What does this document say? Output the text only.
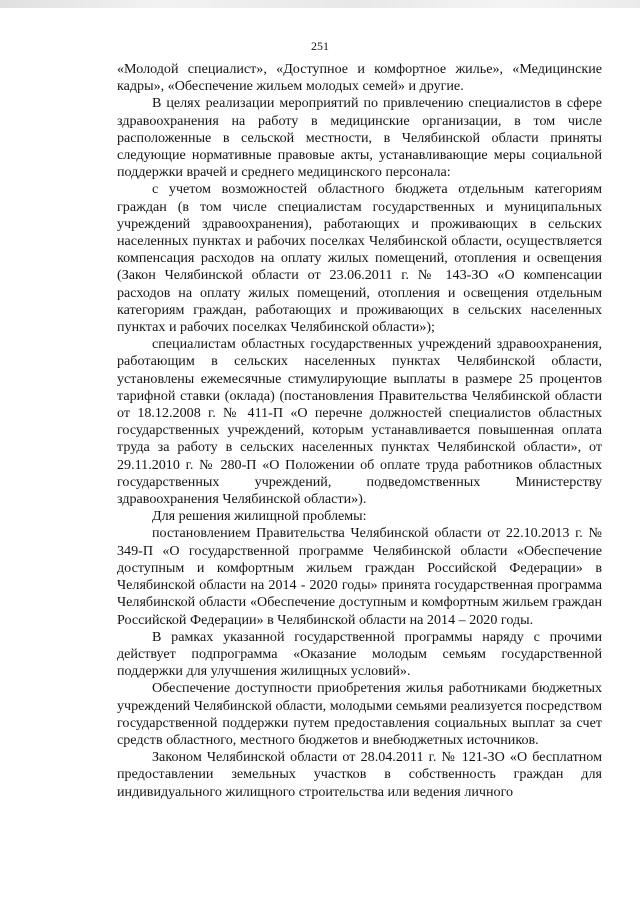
251

«Молодой специалист», «Доступное и комфортное жилье», «Медицинские кадры», «Обеспечение жильем молодых семей» и другие.

В целях реализации мероприятий по привлечению специалистов в сфере здравоохранения на работу в медицинские организации, в том числе расположенные в сельской местности, в Челябинской области приняты следующие нормативные правовые акты, устанавливающие меры социальной поддержки врачей и среднего медицинского персонала:

с учетом возможностей областного бюджета отдельным категориям граждан (в том числе специалистам государственных и муниципальных учреждений здравоохранения), работающих и проживающих в сельских населенных пунктах и рабочих поселках Челябинской области, осуществляется компенсация расходов на оплату жилых помещений, отопления и освещения (Закон Челябинской области от 23.06.2011 г. № 143-ЗО «О компенсации расходов на оплату жилых помещений, отопления и освещения отдельным категориям граждан, работающих и проживающих в сельских населенных пунктах и рабочих поселках Челябинской области»);

специалистам областных государственных учреждений здравоохранения, работающим в сельских населенных пунктах Челябинской области, установлены ежемесячные стимулирующие выплаты в размере 25 процентов тарифной ставки (оклада) (постановления Правительства Челябинской области от 18.12.2008 г. № 411-П «О перечне должностей специалистов областных государственных учреждений, которым устанавливается повышенная оплата труда за работу в сельских населенных пунктах Челябинской области», от 29.11.2010 г. № 280-П «О Положении об оплате труда работников областных государственных учреждений, подведомственных Министерству здравоохранения Челябинской области»).

Для решения жилищной проблемы:

постановлением Правительства Челябинской области от 22.10.2013 г. № 349-П «О государственной программе Челябинской области «Обеспечение доступным и комфортным жильем граждан Российской Федерации» в Челябинской области на 2014 - 2020 годы» принята государственная программа Челябинской области «Обеспечение доступным и комфортным жильем граждан Российской Федерации» в Челябинской области на 2014 – 2020 годы.

В рамках указанной государственной программы наряду с прочими действует подпрограмма «Оказание молодым семьям государственной поддержки для улучшения жилищных условий».

Обеспечение доступности приобретения жилья работниками бюджетных учреждений Челябинской области, молодыми семьями реализуется посредством государственной поддержки путем предоставления социальных выплат за счет средств областного, местного бюджетов и внебюджетных источников.

Законом Челябинской области от 28.04.2011 г. № 121-ЗО «О бесплатном предоставлении земельных участков в собственность граждан для индивидуального жилищного строительства или ведения личного
